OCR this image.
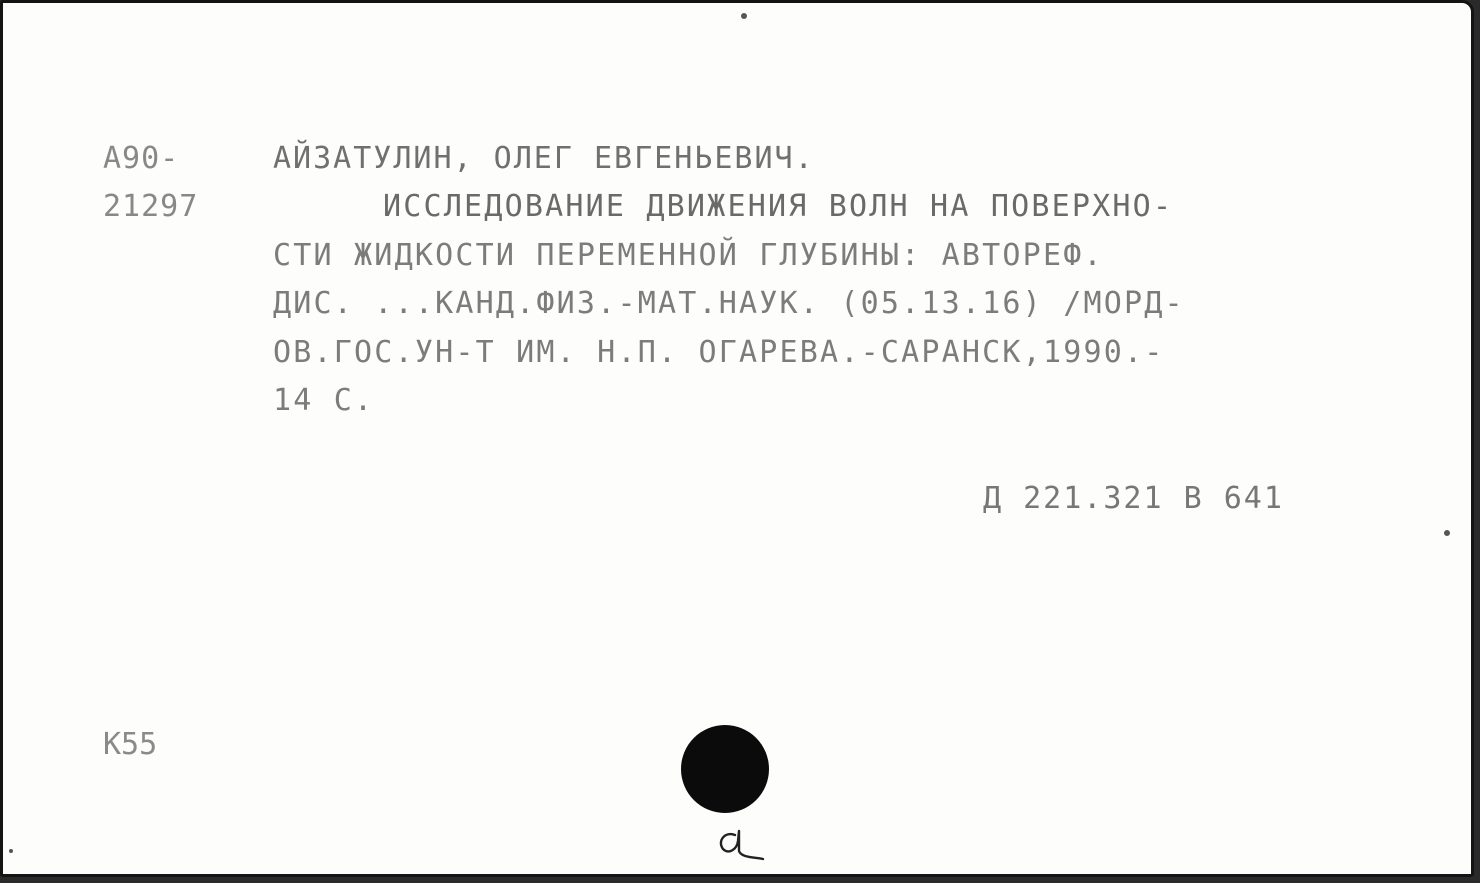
А90-
21297
АЙЗАТУЛИН, ОЛЕГ ЕВГЕНЬЕВИЧ.
ИССЛЕДОВАНИЕ ДВИЖЕНИЯ ВОЛН НА ПОВЕРХНО-
СТИ ЖИДКОСТИ ПЕРЕМЕННОЙ ГЛУБИНЫ: АВТОРЕФ.
ДИС. ...КАНД.ФИЗ.-МАТ.НАУК. (05.13.16) /МОРД-
ОВ.ГОС.УН-Т ИМ. Н.П. ОГАРЕВА.-САРАНСК,1990.-
14 С.
Д 221.321 В 641
К55
